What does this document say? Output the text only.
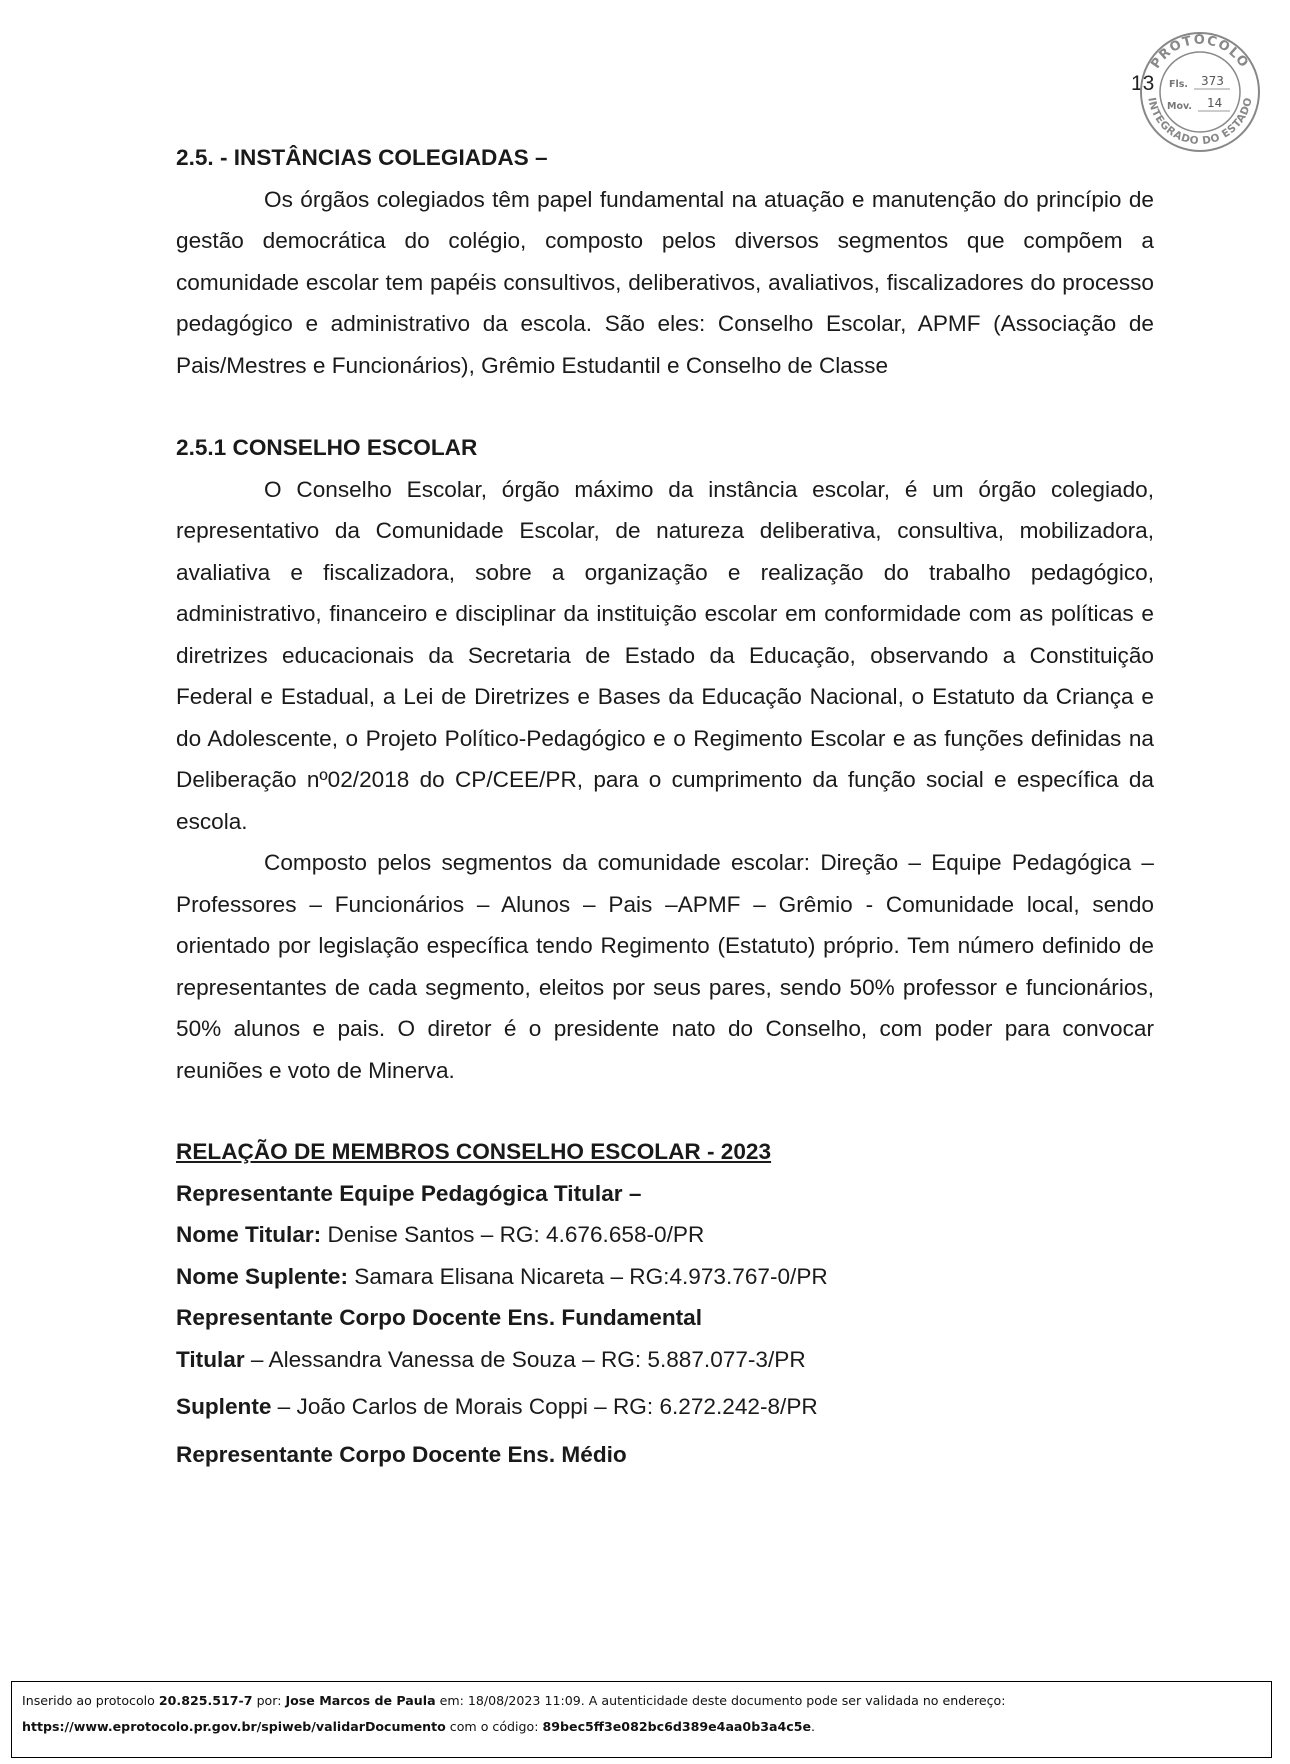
13
PROTOCOLO
INTEGRADO DO ESTADO
Fls. 373
Mov. 14
2.5. - INSTÂNCIAS COLEGIADAS –

Os órgãos colegiados têm papel fundamental na atuação e manutenção do princípio de gestão democrática do colégio, composto pelos diversos segmentos que compõem a comunidade escolar tem papéis consultivos, deliberativos, avaliativos, fiscalizadores do processo pedagógico e administrativo da escola. São eles: Conselho Escolar, APMF (Associação de Pais/Mestres e Funcionários), Grêmio Estudantil e Conselho de Classe

2.5.1 CONSELHO ESCOLAR

O Conselho Escolar, órgão máximo da instância escolar, é um órgão colegiado, representativo da Comunidade Escolar, de natureza deliberativa, consultiva, mobilizadora, avaliativa e fiscalizadora, sobre a organização e realização do trabalho pedagógico, administrativo, financeiro e disciplinar da instituição escolar em conformidade com as políticas e diretrizes educacionais da Secretaria de Estado da Educação, observando a Constituição Federal e Estadual, a Lei de Diretrizes e Bases da Educação Nacional, o Estatuto da Criança e do Adolescente, o Projeto Político-Pedagógico e o Regimento Escolar e as funções definidas na Deliberação nº02/2018 do CP/CEE/PR, para o cumprimento da função social e específica da escola.

Composto pelos segmentos da comunidade escolar: Direção – Equipe Pedagógica – Professores – Funcionários – Alunos – Pais –APMF – Grêmio - Comunidade local, sendo orientado por legislação específica tendo Regimento (Estatuto) próprio. Tem número definido de representantes de cada segmento, eleitos por seus pares, sendo 50% professor e funcionários, 50% alunos e pais. O diretor é o presidente nato do Conselho, com poder para convocar reuniões e voto de Minerva.

RELAÇÃO DE MEMBROS CONSELHO ESCOLAR - 2023
Representante Equipe Pedagógica Titular –
Nome Titular: Denise Santos – RG: 4.676.658-0/PR
Nome Suplente: Samara Elisana Nicareta – RG:4.973.767-0/PR
Representante Corpo Docente Ens. Fundamental
Titular – Alessandra Vanessa de Souza – RG: 5.887.077-3/PR
Suplente – João Carlos de Morais Coppi – RG: 6.272.242-8/PR
Representante Corpo Docente Ens. Médio
Inserido ao protocolo 20.825.517-7 por: Jose Marcos de Paula em: 18/08/2023 11:09. A autenticidade deste documento pode ser validada no endereço:
https://www.eprotocolo.pr.gov.br/spiweb/validarDocumento com o código: 89bec5ff3e082bc6d389e4aa0b3a4c5e.
